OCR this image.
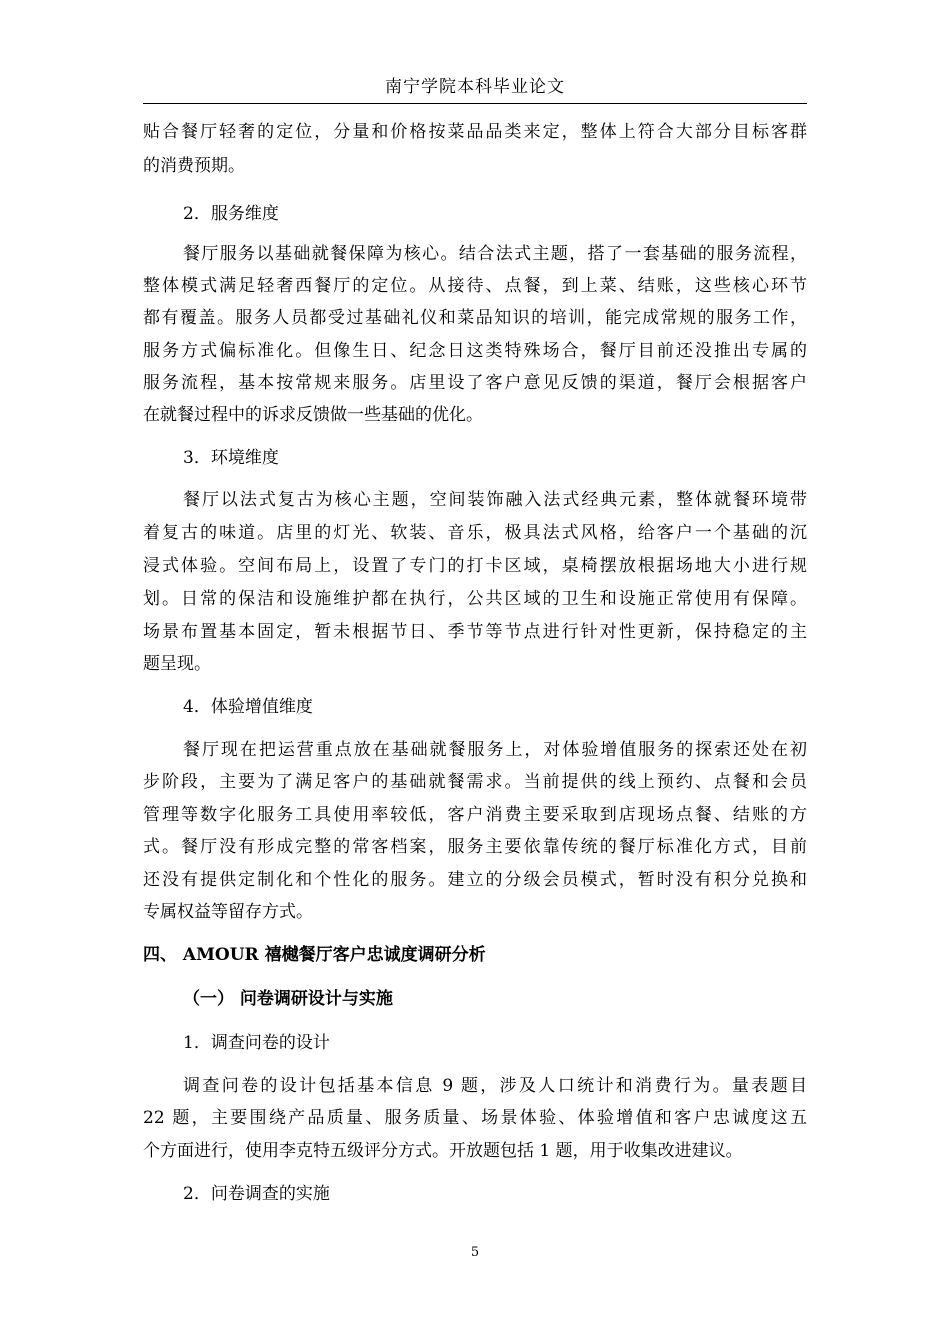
南宁学院本科毕业论文
贴合餐厅轻奢的定位，分量和价格按菜品品类来定，整体上符合大部分目标客群
的消费预期。
2．服务维度
餐厅服务以基础就餐保障为核心。结合法式主题，搭了一套基础的服务流程，
整体模式满足轻奢西餐厅的定位。从接待、点餐，到上菜、结账，这些核心环节
都有覆盖。服务人员都受过基础礼仪和菜品知识的培训，能完成常规的服务工作，
服务方式偏标准化。但像生日、纪念日这类特殊场合，餐厅目前还没推出专属的
服务流程，基本按常规来服务。店里设了客户意见反馈的渠道，餐厅会根据客户
在就餐过程中的诉求反馈做一些基础的优化。
3．环境维度
餐厅以法式复古为核心主题，空间装饰融入法式经典元素，整体就餐环境带
着复古的味道。店里的灯光、软装、音乐，极具法式风格，给客户一个基础的沉
浸式体验。空间布局上，设置了专门的打卡区域，桌椅摆放根据场地大小进行规
划。日常的保洁和设施维护都在执行，公共区域的卫生和设施正常使用有保障。
场景布置基本固定，暂未根据节日、季节等节点进行针对性更新，保持稳定的主
题呈现。
4．体验增值维度
餐厅现在把运营重点放在基础就餐服务上，对体验增值服务的探索还处在初
步阶段，主要为了满足客户的基础就餐需求。当前提供的线上预约、点餐和会员
管理等数字化服务工具使用率较低，客户消费主要采取到店现场点餐、结账的方
式。餐厅没有形成完整的常客档案，服务主要依靠传统的餐厅标准化方式，目前
还没有提供定制化和个性化的服务。建立的分级会员模式，暂时没有积分兑换和
专属权益等留存方式。
四、 AMOUR 禧樾餐厅客户忠诚度调研分析
（一） 问卷调研设计与实施
1．调查问卷的设计
调查问卷的设计包括基本信息 9 题，涉及人口统计和消费行为。量表题目
22 题，主要围绕产品质量、服务质量、场景体验、体验增值和客户忠诚度这五
个方面进行，使用李克特五级评分方式。开放题包括 1 题，用于收集改进建议。
2．问卷调查的实施
5
